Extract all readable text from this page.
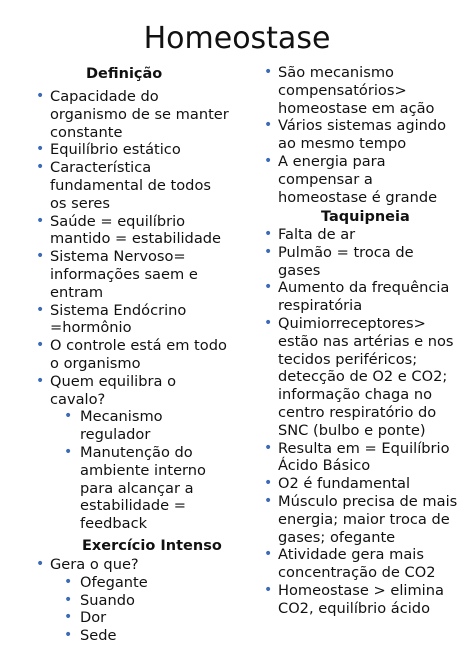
Homeostase
Definição
• Capacidade do organismo de se manter constante
• Equilíbrio estático
• Característica fundamental de todos os seres
• Saúde = equilíbrio mantido = estabilidade
• Sistema Nervoso= informações saem e entram
• Sistema Endócrino =hormônio
• O controle está em todo o organismo
• Quem equilibra o cavalo?
• Mecanismo regulador
• Manutenção do ambiente interno para alcançar a estabilidade = feedback
Exercício Intenso
• Gera o que?
• Ofegante
• Suando
• Dor
• Sede
• São mecanismo compensatórios> homeostase em ação
• Vários sistemas agindo ao mesmo tempo
• A energia para compensar a homeostase é grande
Taquipneia
• Falta de ar
• Pulmão = troca de gases
• Aumento da frequência respiratória
• Quimiorreceptores> estão nas artérias e nos tecidos periféricos; detecção de O2 e CO2; informação chaga no centro respiratório do SNC (bulbo e ponte)
• Resulta em = Equilíbrio Ácido Básico
• O2 é fundamental
• Músculo precisa de mais energia; maior troca de gases; ofegante
• Atividade gera mais concentração de CO2
• Homeostase > elimina CO2, equilíbrio ácido
